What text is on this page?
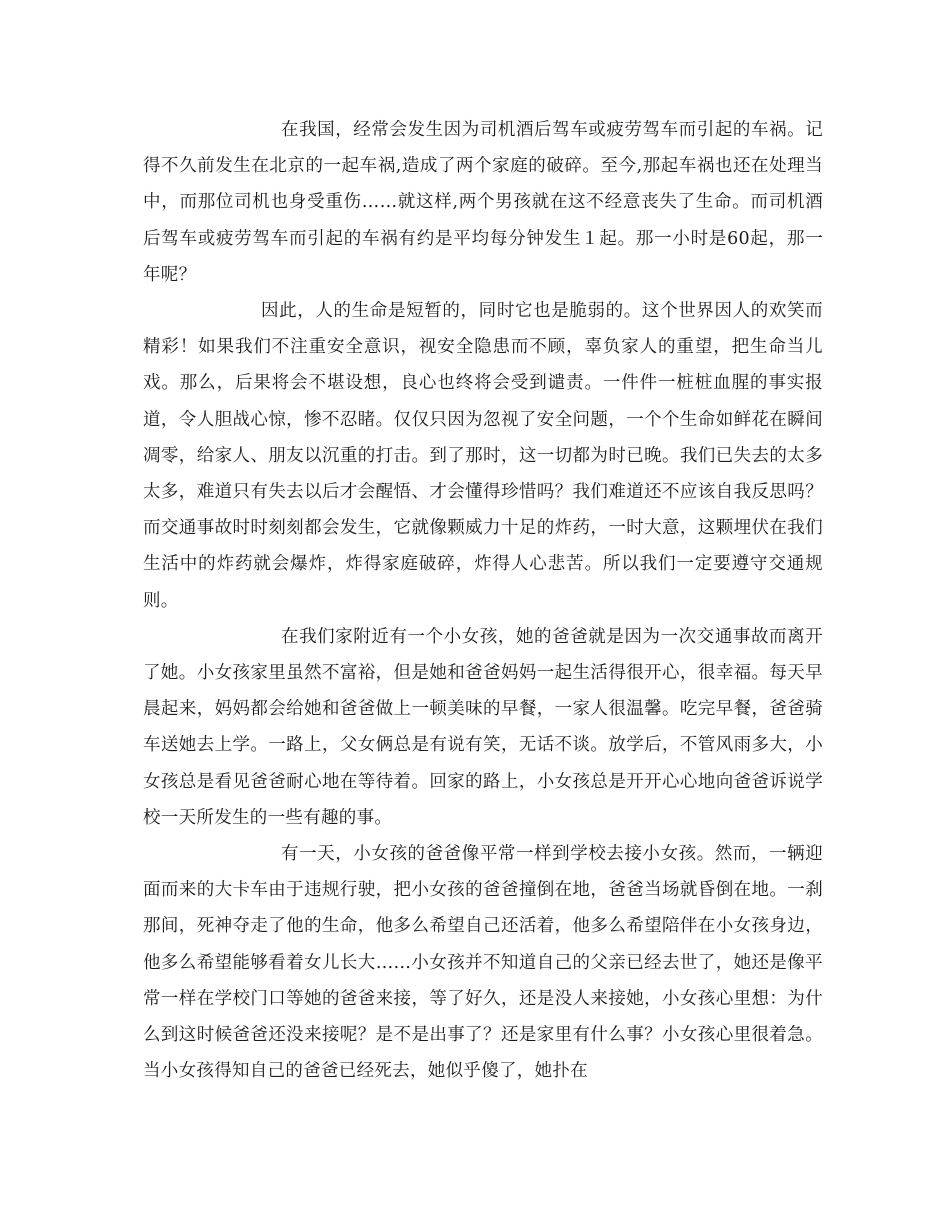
在我国，经常会发生因为司机酒后驾车或疲劳驾车而引起的车祸。记得不久前发生在北京的一起车祸,造成了两个家庭的破碎。至今,那起车祸也还在处理当中，而那位司机也身受重伤……就这样,两个男孩就在这不经意丧失了生命。而司机酒后驾车或疲劳驾车而引起的车祸有约是平均每分钟发生１起。那一小时是60起，那一年呢？

因此，人的生命是短暂的，同时它也是脆弱的。这个世界因人的欢笑而精彩！如果我们不注重安全意识，视安全隐患而不顾，辜负家人的重望，把生命当儿戏。那么，后果将会不堪设想，良心也终将会受到谴责。一件件一桩桩血腥的事实报道，令人胆战心惊，惨不忍睹。仅仅只因为忽视了安全问题，一个个生命如鲜花在瞬间凋零，给家人、朋友以沉重的打击。到了那时，这一切都为时已晚。我们已失去的太多太多，难道只有失去以后才会醒悟、才会懂得珍惜吗？我们难道还不应该自我反思吗？而交通事故时时刻刻都会发生，它就像颗威力十足的炸药，一时大意，这颗埋伏在我们生活中的炸药就会爆炸，炸得家庭破碎，炸得人心悲苦。所以我们一定要遵守交通规则。

在我们家附近有一个小女孩，她的爸爸就是因为一次交通事故而离开了她。小女孩家里虽然不富裕，但是她和爸爸妈妈一起生活得很开心，很幸福。每天早晨起来，妈妈都会给她和爸爸做上一顿美味的早餐，一家人很温馨。吃完早餐，爸爸骑车送她去上学。一路上，父女俩总是有说有笑，无话不谈。放学后，不管风雨多大，小女孩总是看见爸爸耐心地在等待着。回家的路上，小女孩总是开开心心地向爸爸诉说学校一天所发生的一些有趣的事。

有一天，小女孩的爸爸像平常一样到学校去接小女孩。然而，一辆迎面而来的大卡车由于违规行驶，把小女孩的爸爸撞倒在地，爸爸当场就昏倒在地。一刹那间，死神夺走了他的生命，他多么希望自己还活着，他多么希望陪伴在小女孩身边，他多么希望能够看着女儿长大……小女孩并不知道自己的父亲已经去世了，她还是像平常一样在学校门口等她的爸爸来接，等了好久，还是没人来接她，小女孩心里想：为什么到这时候爸爸还没来接呢？是不是出事了？还是家里有什么事？小女孩心里很着急。当小女孩得知自己的爸爸已经死去，她似乎傻了，她扑在
